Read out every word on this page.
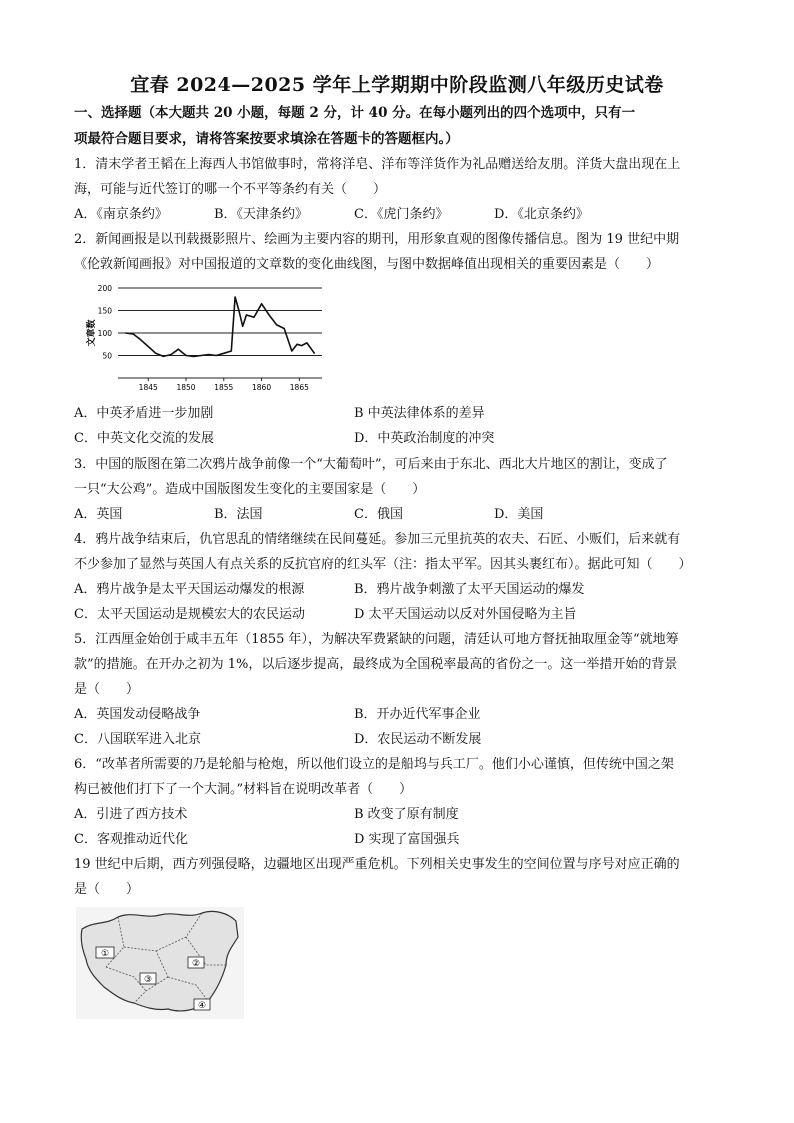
宜春 2024—2025 学年上学期期中阶段监测八年级历史试卷
一、选择题（本大题共 20 小题，每题 2 分，计 40 分。在每小题列出的四个选项中，只有一
项最符合题目要求，请将答案按要求填涂在答题卡的答题框内。）
1．清末学者王韬在上海西人书馆做事时，常将洋皂、洋布等洋货作为礼品赠送给友朋。洋货大盘出现在上
海，可能与近代签订的哪一个不平等条约有关（　　）
A．《南京条约》	B．《天津条约》	C．《虎门条约》	D．《北京条约》
2．新闻画报是以刊载摄影照片、绘画为主要内容的期刊，用形象直观的图像传播信息。图为 19 世纪中期
《伦敦新闻画报》对中国报道的文章数的变化曲线图，与图中数据峰值出现相关的重要因素是（　　）
200
150
100
50
1845 1850 1855 1860 1865
文章数
A．中英矛盾进一步加剧	B 中英法律体系的差异
C．中英文化交流的发展	D．中英政治制度的冲突
3．中国的版图在第二次鸦片战争前像一个“大葡萄叶”，可后来由于东北、西北大片地区的割让，变成了
一只“大公鸡”。造成中国版图发生变化的主要国家是（　　）
A．英国	B．法国	C．俄国	D．美国
4．鸦片战争结束后，仇官思乱的情绪继续在民间蔓延。参加三元里抗英的农夫、石匠、小贩们，后来就有
不少参加了显然与英国人有点关系的反抗官府的红头军（注：指太平军。因其头裹红布）。据此可知（　　）
A．鸦片战争是太平天国运动爆发的根源	B．鸦片战争刺激了太平天国运动的爆发
C．太平天国运动是规模宏大的农民运动	D 太平天国运动以反对外国侵略为主旨
5．江西厘金始创于咸丰五年（1855 年），为解决军费紧缺的问题，清廷认可地方督抚抽取厘金等“就地筹
款”的措施。在开办之初为 1%，以后逐步提高，最终成为全国税率最高的省份之一。这一举措开始的背景
是（　　）
A．英国发动侵略战争	B．开办近代军事企业
C．八国联军进入北京	D．农民运动不断发展
6．“改革者所需要的乃是轮船与枪炮，所以他们设立的是船坞与兵工厂。他们小心谨慎，但传统中国之架
构已被他们打下了一个大洞。”材料旨在说明改革者（　　）
A．引进了西方技术	B 改变了原有制度
C．客观推动近代化	D 实现了富国强兵
19 世纪中后期，西方列强侵略，边疆地区出现严重危机。下列相关史事发生的空间位置与序号对应正确的
是（　　）
①
②
③
④
